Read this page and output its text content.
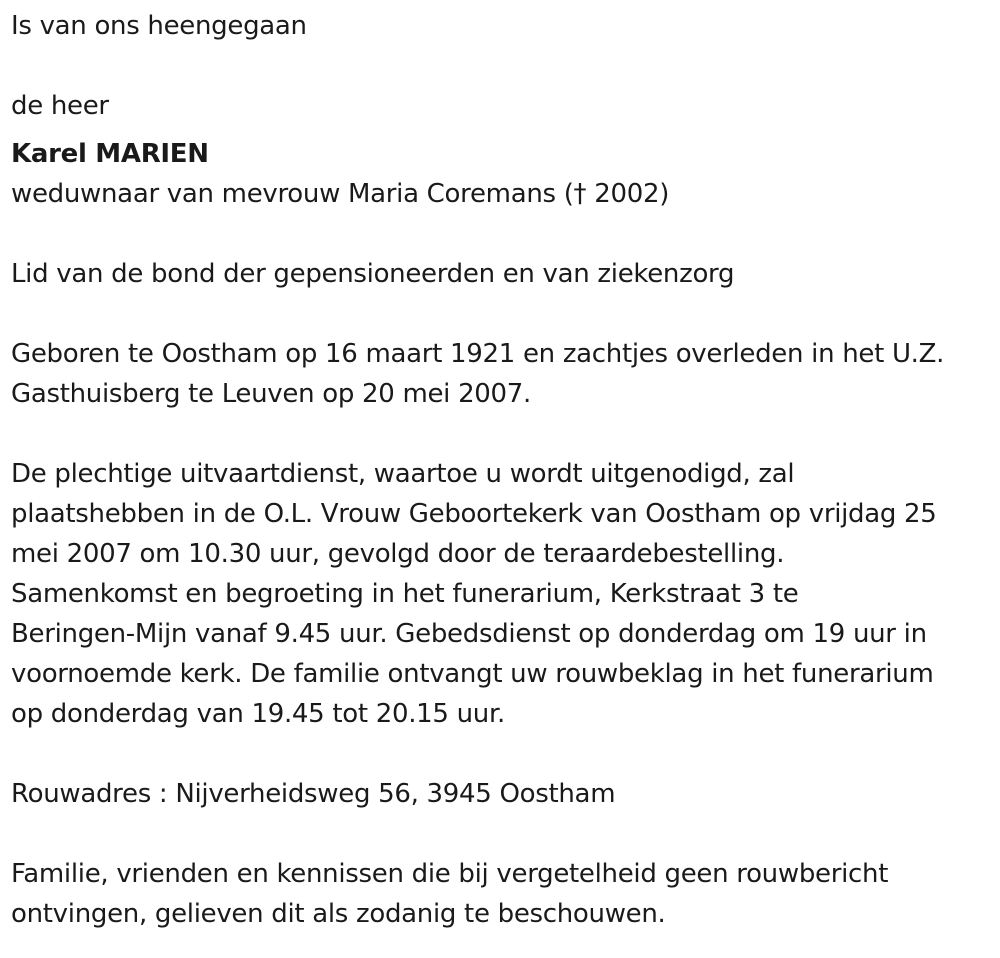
Is van ons heengegaan

de heer

Karel MARIEN

weduwnaar van mevrouw Maria Coremans († 2002)

Lid van de bond der gepensioneerden en van ziekenzorg

Geboren te Oostham op 16 maart 1921 en zachtjes overleden in het U.Z.
Gasthuisberg te Leuven op 20 mei 2007.

De plechtige uitvaartdienst, waartoe u wordt uitgenodigd, zal
plaatshebben in de O.L. Vrouw Geboortekerk van Oostham op vrijdag 25
mei 2007 om 10.30 uur, gevolgd door de teraardebestelling.
Samenkomst en begroeting in het funerarium, Kerkstraat 3 te
Beringen-Mijn vanaf 9.45 uur. Gebedsdienst op donderdag om 19 uur in
voornoemde kerk. De familie ontvangt uw rouwbeklag in het funerarium
op donderdag van 19.45 tot 20.15 uur.

Rouwadres : Nijverheidsweg 56, 3945 Oostham

Familie, vrienden en kennissen die bij vergetelheid geen rouwbericht
ontvingen, gelieven dit als zodanig te beschouwen.
